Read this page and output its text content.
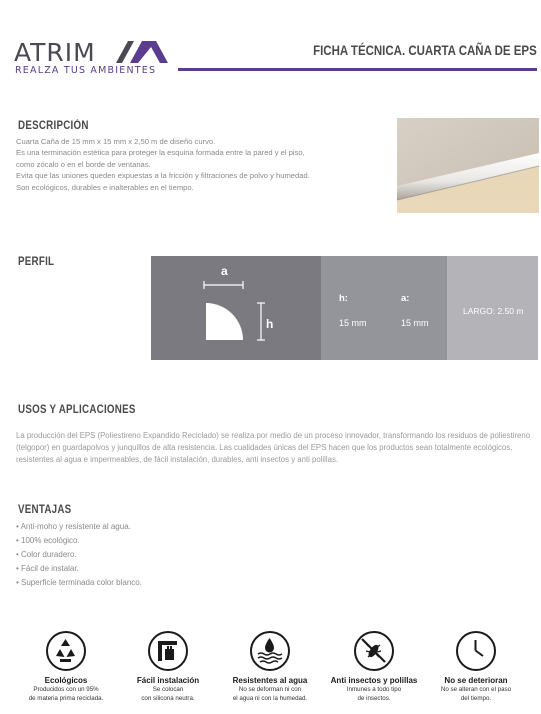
ATRIM
REALZA TUS AMBIENTES
FICHA TÉCNICA. CUARTA CAÑA DE EPS
DESCRIPCIÓN
Cuarta Caña de 15 mm x 15 mm x 2,50 m de diseño curvo.
Es una terminación estética para proteger la esquina formada entre la pared y el piso,
como zócalo o en el borde de ventanas.
Evita que las uniones queden expuestas a la fricción y filtraciones de polvo y humedad.
Son ecológicos, durables e inalterables en el tiempo.
PERFIL
a
h
h:	a:
15 mm	15 mm
LARGO: 2.50 m
USOS Y APLICACIONES
La producción del EPS (Poliestireno Expandido Reciclado) se realiza por medio de un proceso innovador, transformando los residuos de poliestireno
(telgopor) en guardapolvos y junquillos de alta resistencia. Las cualidades únicas del EPS hacen que los productos sean totalmente ecológicos,
resistentes al agua e impermeables, de fácil instalación, durables, anti insectos y anti polillas.
VENTAJAS
• Anti-moho y resistente al agua.
• 100% ecológico.
• Color duradero.
• Fácil de instalar.
• Superficie terminada color blanco.
Ecológicos
Producidos con un 95%
de materia prima reciclada.
Fácil instalación
Se colocan
con silicona neutra.
Resistentes al agua
No se deforman ni con
el agua ni con la humedad.
Anti insectos y polillas
Inmunes a todo tipo
de insectos.
No se deterioran
No se alteran con el paso
del tiempo.
